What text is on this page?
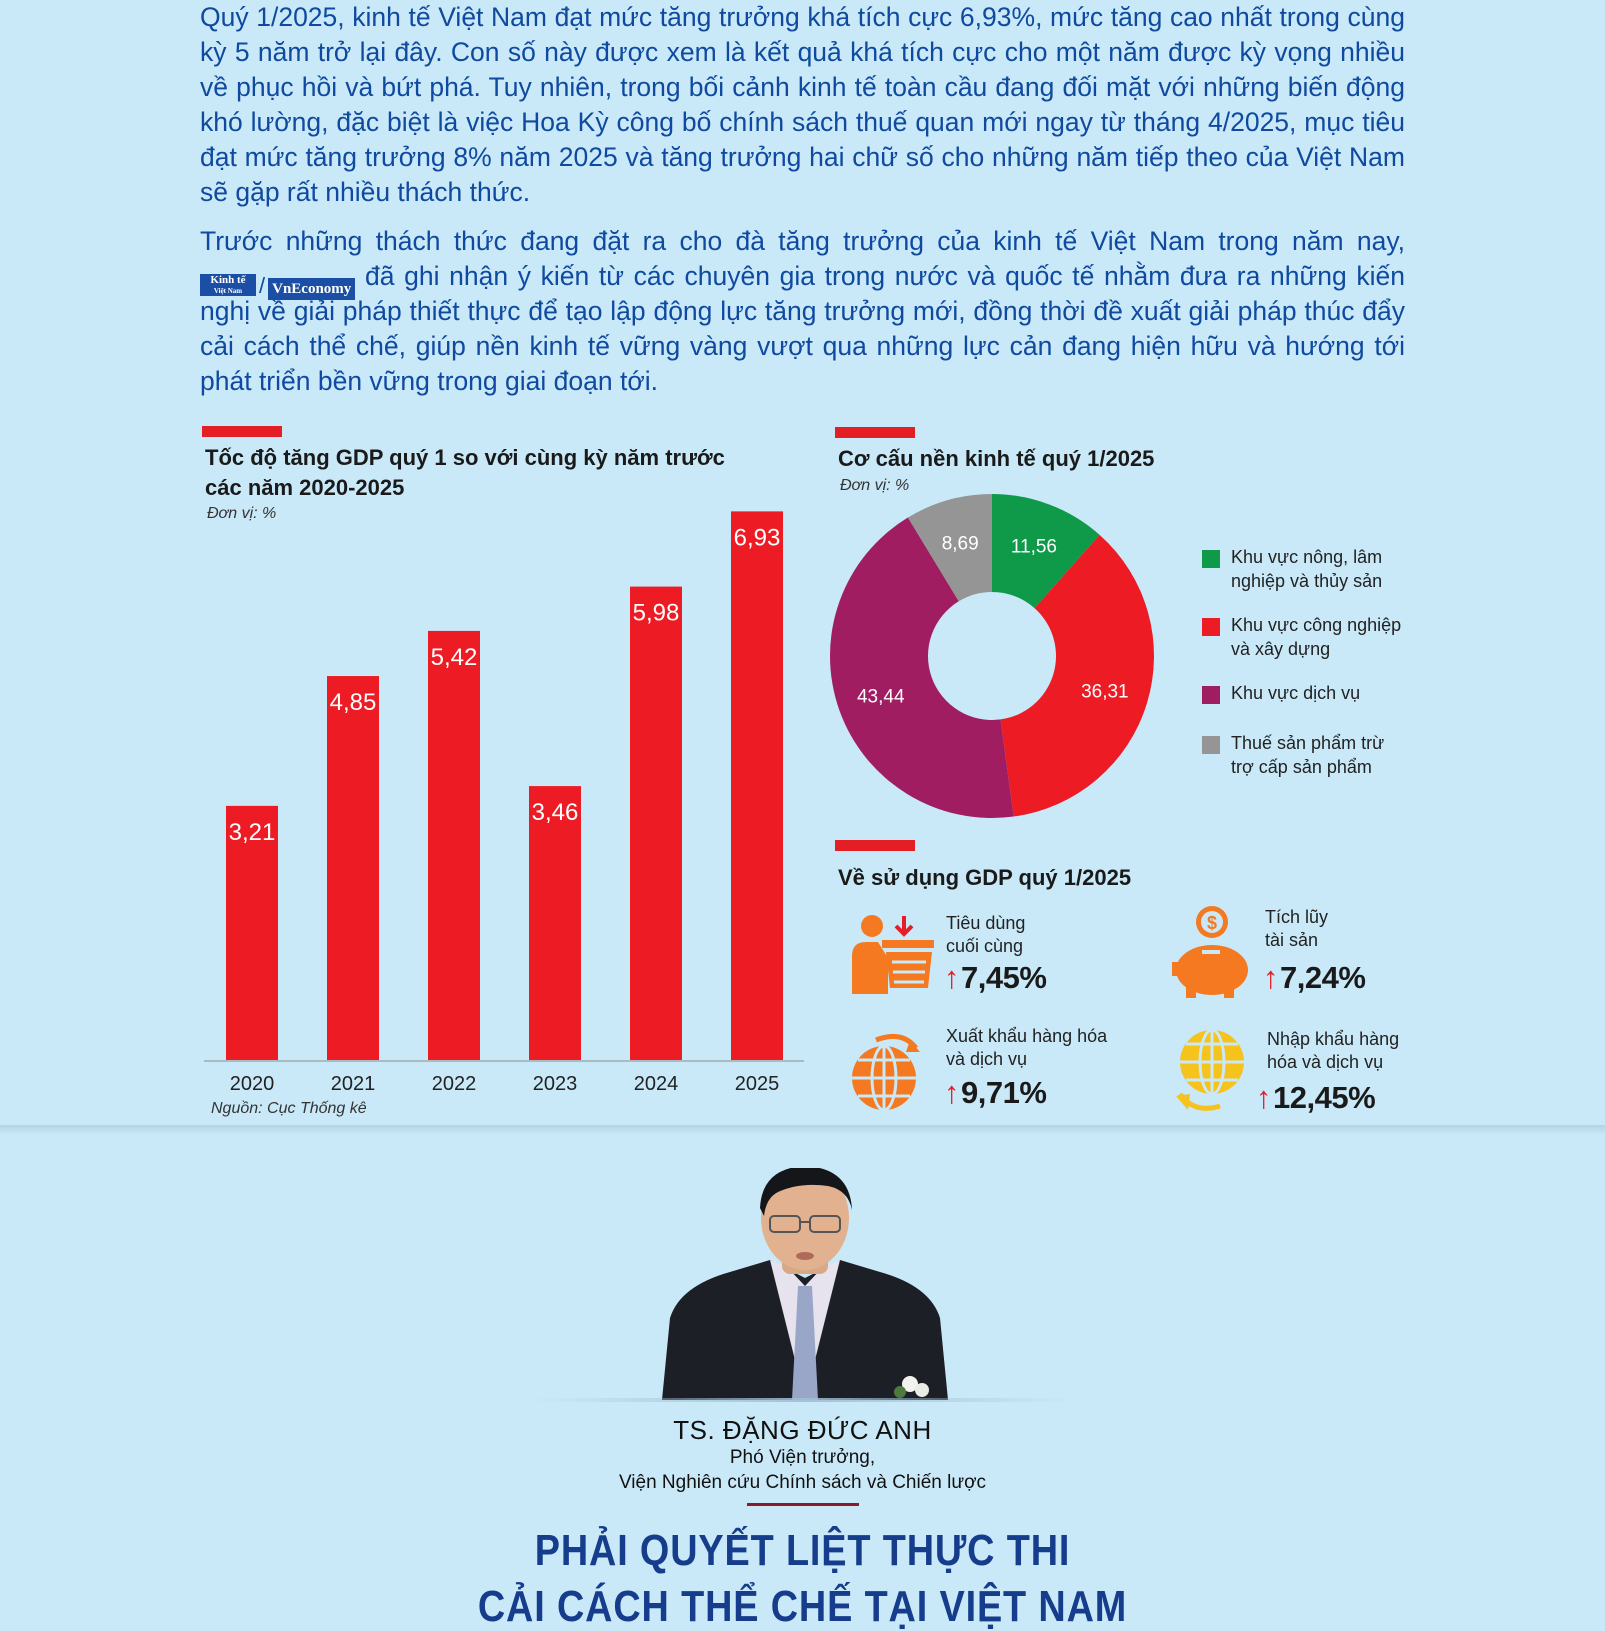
Quý 1/2025, kinh tế Việt Nam đạt mức tăng trưởng khá tích cực 6,93%, mức tăng cao nhất trong cùng kỳ 5 năm trở lại đây. Con số này được xem là kết quả khá tích cực cho một năm được kỳ vọng nhiều về phục hồi và bứt phá. Tuy nhiên, trong bối cảnh kinh tế toàn cầu đang đối mặt với những biến động khó lường, đặc biệt là việc Hoa Kỳ công bố chính sách thuế quan mới ngay từ tháng 4/2025, mục tiêu đạt mức tăng trưởng 8% năm 2025 và tăng trưởng hai chữ số cho những năm tiếp theo của Việt Nam sẽ gặp rất nhiều thách thức.

Trước những thách thức đang đặt ra cho đà tăng trưởng của kinh tế Việt Nam trong năm nay, Kinh tế
Việt Nam / VnEconomy đã ghi nhận ý kiến từ các chuyên gia trong nước và quốc tế nhằm đưa ra những kiến nghị về giải pháp thiết thực để tạo lập động lực tăng trưởng mới, đồng thời đề xuất giải pháp thúc đẩy cải cách thể chế, giúp nền kinh tế vững vàng vượt qua những lực cản đang hiện hữu và hướng tới phát triển bền vững trong giai đoạn tới.

Tốc độ tăng GDP quý 1 so với cùng kỳ năm trước
các năm 2020-2025
Đơn vị: %
3,21
2020
4,85
2021
5,42
2022
3,46
2023
5,98
2024
6,93
2025
Nguồn: Cục Thống kê
Cơ cấu nền kinh tế quý 1/2025
Đơn vị: %
11,56
36,31
43,44
8,69
Khu vực nông, lâm
nghiệp và thủy sản
Khu vực công nghiệp
và xây dựng
Khu vực dịch vụ
Thuế sản phẩm trừ
trợ cấp sản phẩm
Về sử dụng GDP quý 1/2025
Tiêu dùng
cuối cùng
↑7,45%
$	Tích lũy
tài sản
↑7,24%
Xuất khẩu hàng hóa
và dịch vụ
↑9,71%
Nhập khẩu hàng
hóa và dịch vụ
↑12,45%
TS. ĐẶNG ĐỨC ANH
Phó Viện trưởng,
Viện Nghiên cứu Chính sách và Chiến lược
PHẢI QUYẾT LIỆT THỰC THI
CẢI CÁCH THỂ CHẾ TẠI VIỆT NAM
